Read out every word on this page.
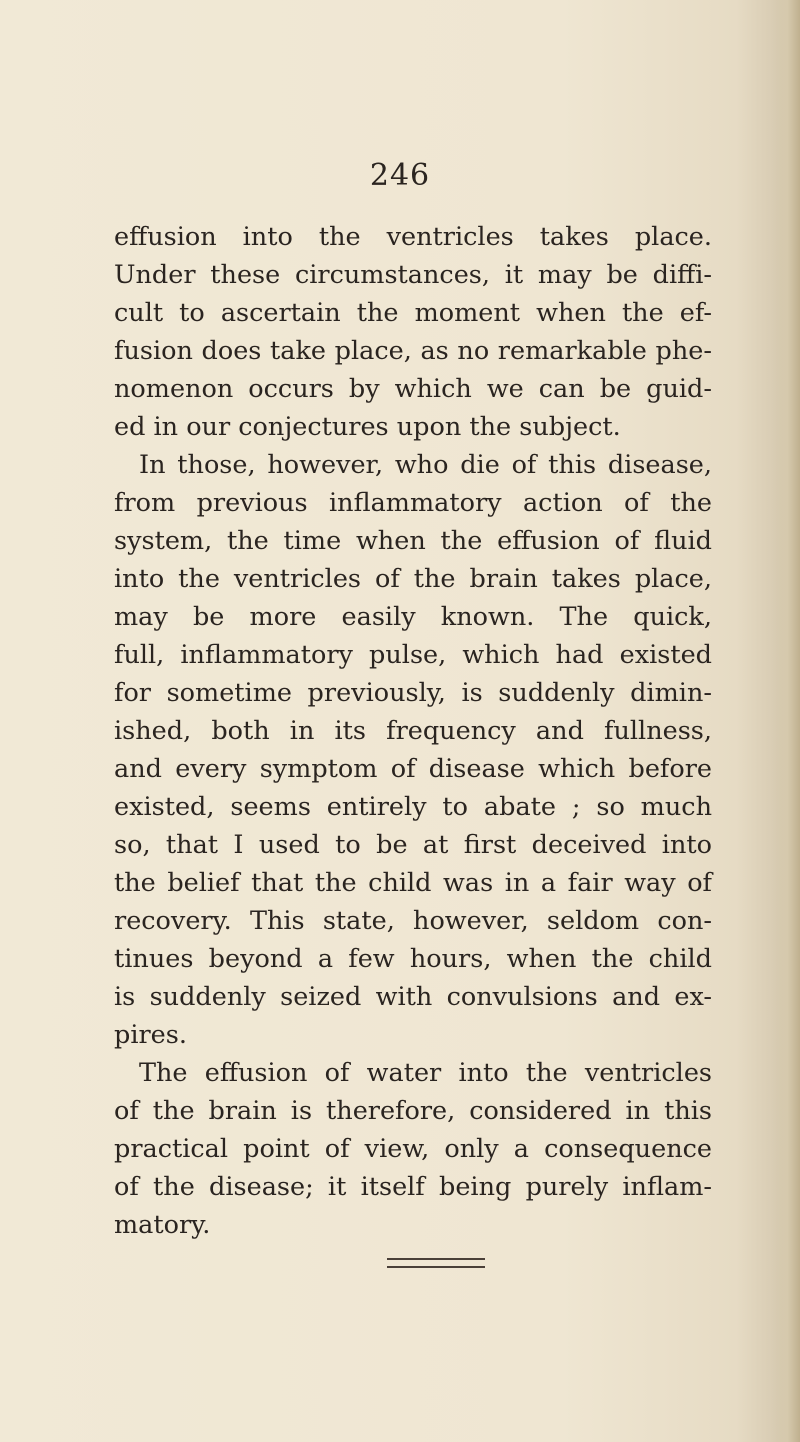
246
effusion into the ventricles takes place.
Under these circumstances, it may be diffi-
cult to ascertain the moment when the ef-
fusion does take place, as no remarkable phe-
nomenon occurs by which we can be guid-
ed in our conjectures upon the subject.
In those, however, who die of this disease,
from previous inflammatory action of the
system, the time when the effusion of fluid
into the ventricles of the brain takes place,
may be more easily known. The quick,
full, inflammatory pulse, which had existed
for sometime previously, is suddenly dimin-
ished, both in its frequency and fullness,
and every symptom of disease which before
existed, seems entirely to abate ; so much
so, that I used to be at first deceived into
the belief that the child was in a fair way of
recovery. This state, however, seldom con-
tinues beyond a few hours, when the child
is suddenly seized with convulsions and ex-
pires.
The effusion of water into the ventricles
of the brain is therefore, considered in this
practical point of view, only a consequence
of the disease; it itself being purely inflam-
matory.
